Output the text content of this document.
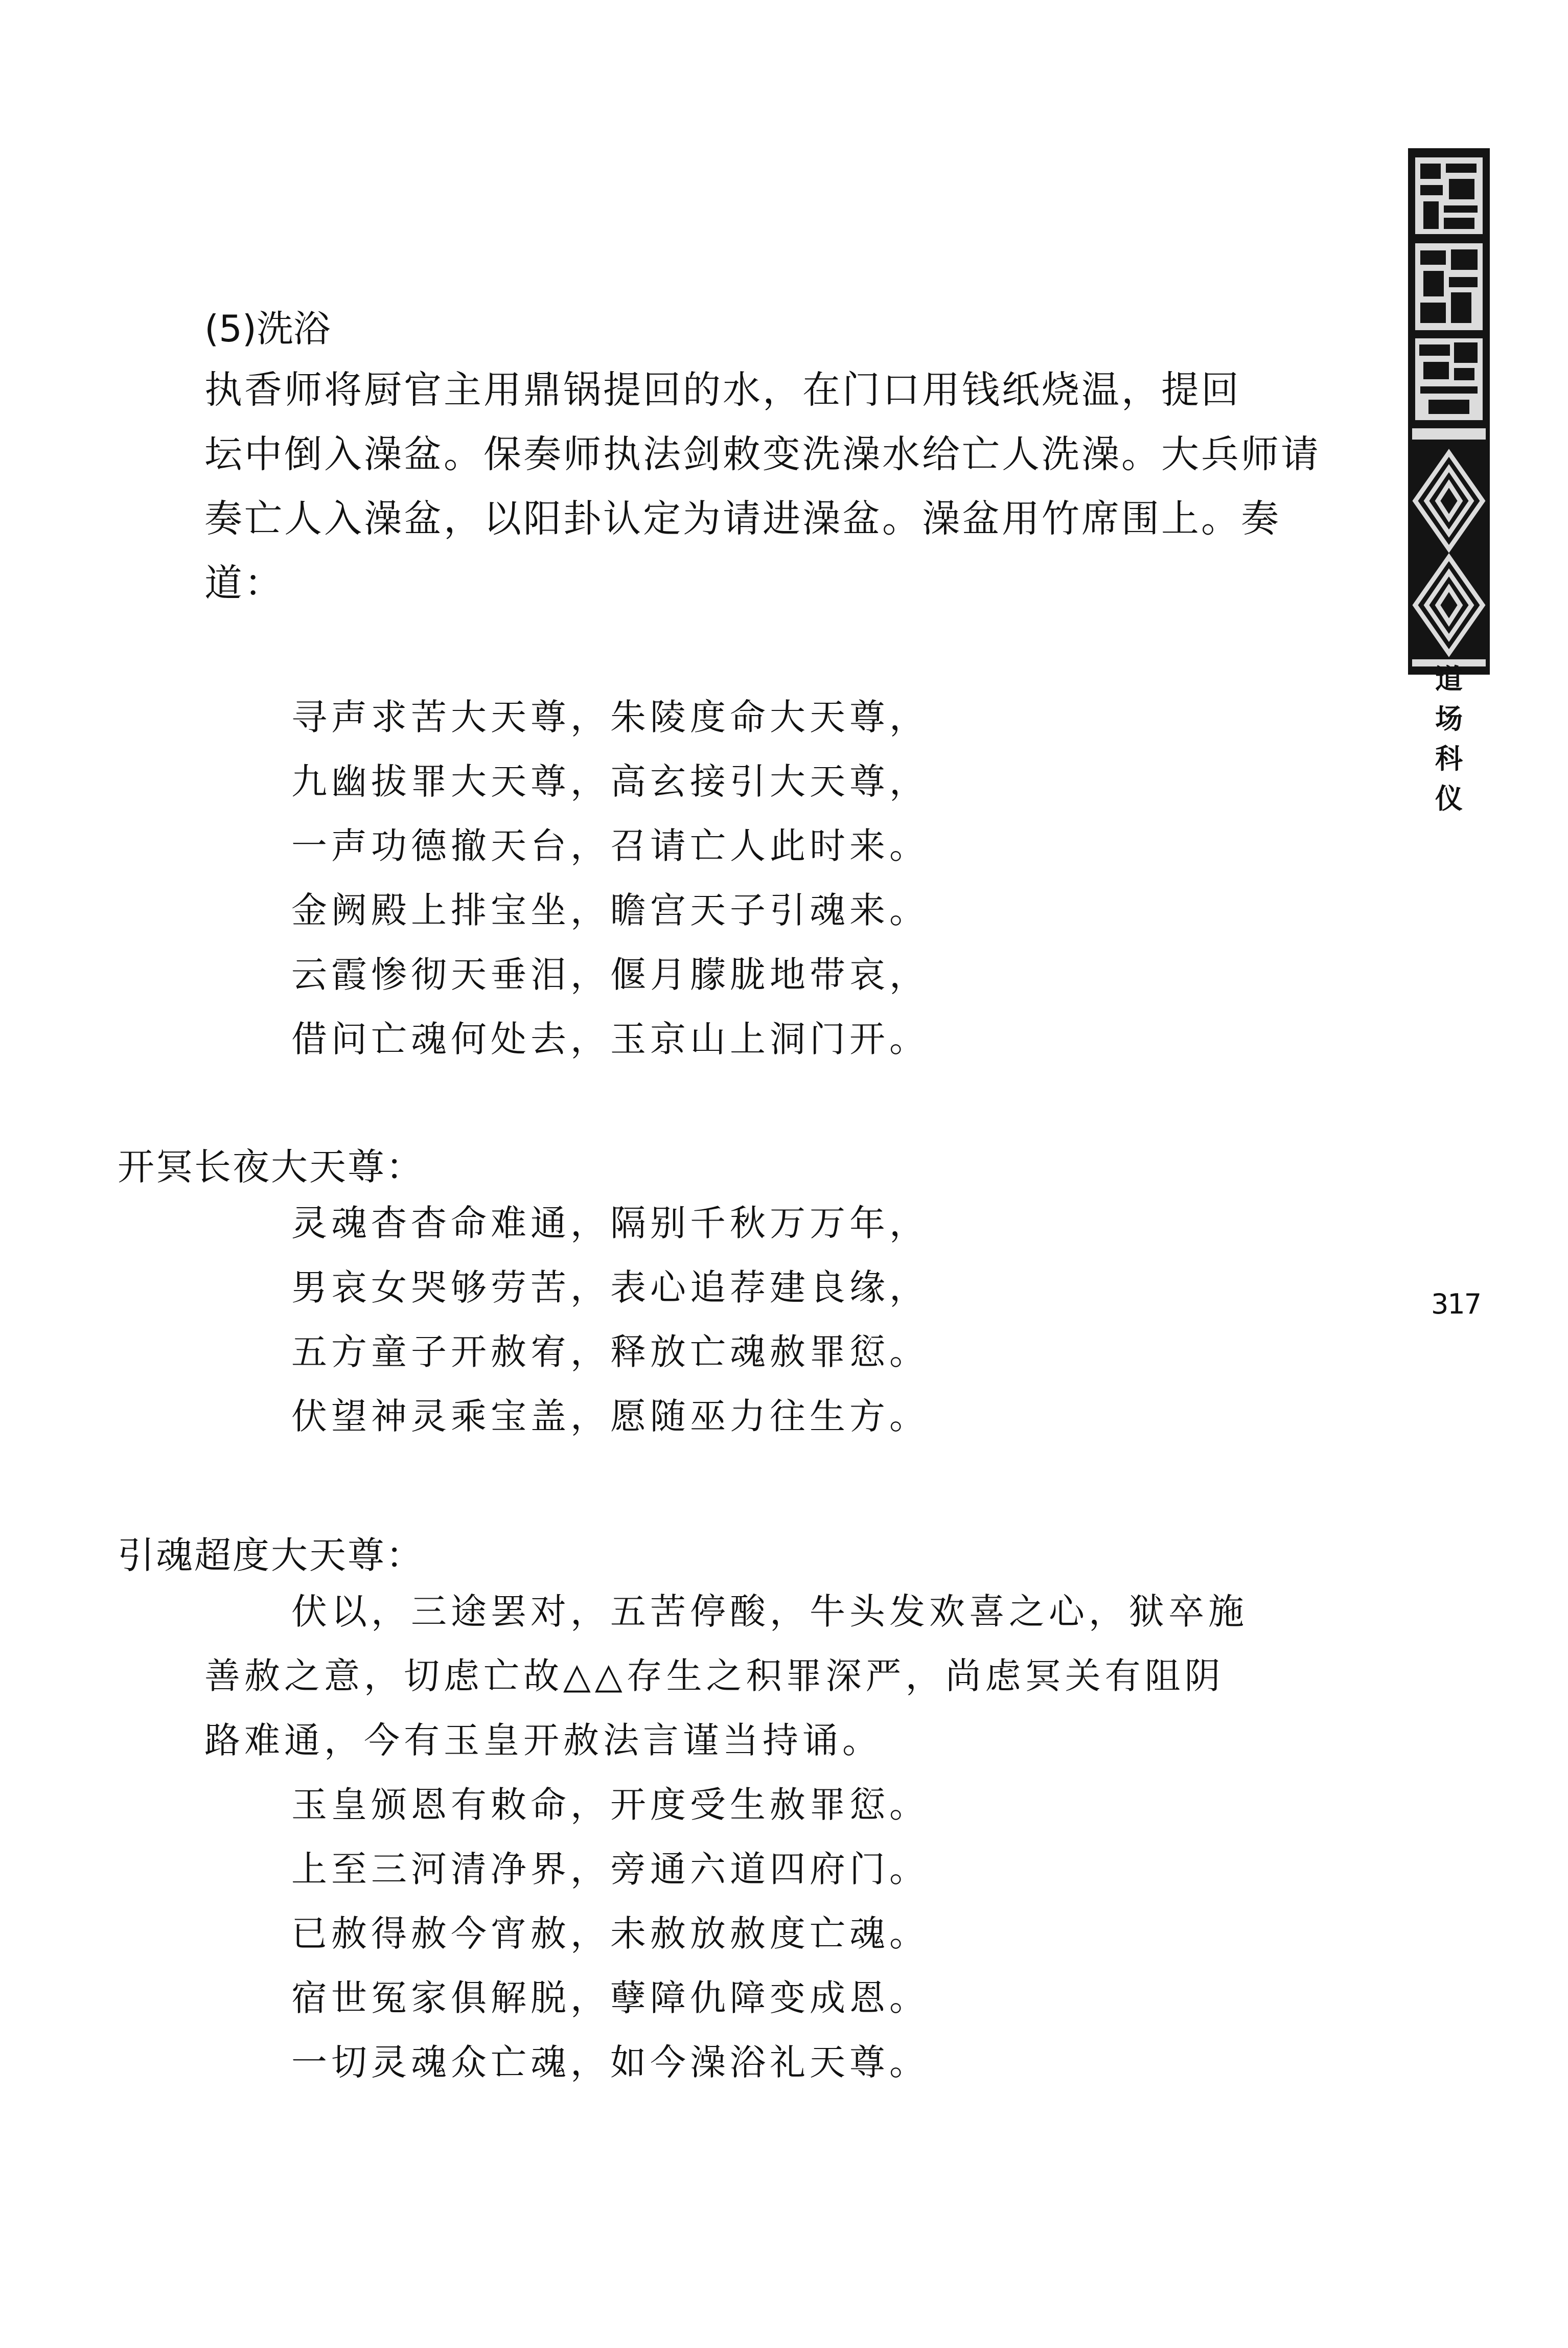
道
场
科
仪
317
(5)洗浴
执香师将厨官主用鼎锅提回的水，在门口用钱纸烧温，提回
坛中倒入澡盆。保奏师执法剑敕变洗澡水给亡人洗澡。大兵师请
奏亡人入澡盆，以阳卦认定为请进澡盆。澡盆用竹席围上。奏
道：
寻声求苦大天尊，朱陵度命大天尊，
九幽拔罪大天尊，高玄接引大天尊，
一声功德撤天台，召请亡人此时来。
金阙殿上排宝坐，瞻宫天子引魂来。
云霞惨彻天垂泪，偃月朦胧地带哀，
借问亡魂何处去，玉京山上洞门开。
开冥长夜大天尊：
灵魂杳杳命难通，隔别千秋万万年，
男哀女哭够劳苦，表心追荐建良缘，
五方童子开赦宥，释放亡魂赦罪愆。
伏望神灵乘宝盖，愿随巫力往生方。
引魂超度大天尊：
伏以，三途罢对，五苦停酸，牛头发欢喜之心，狱卒施
善赦之意，切虑亡故△△存生之积罪深严，尚虑冥关有阻阴
路难通，今有玉皇开赦法言谨当持诵。
玉皇颁恩有敕命，开度受生赦罪愆。
上至三河清净界，旁通六道四府门。
已赦得赦今宵赦，未赦放赦度亡魂。
宿世冤家俱解脱，孽障仇障变成恩。
一切灵魂众亡魂，如今澡浴礼天尊。
